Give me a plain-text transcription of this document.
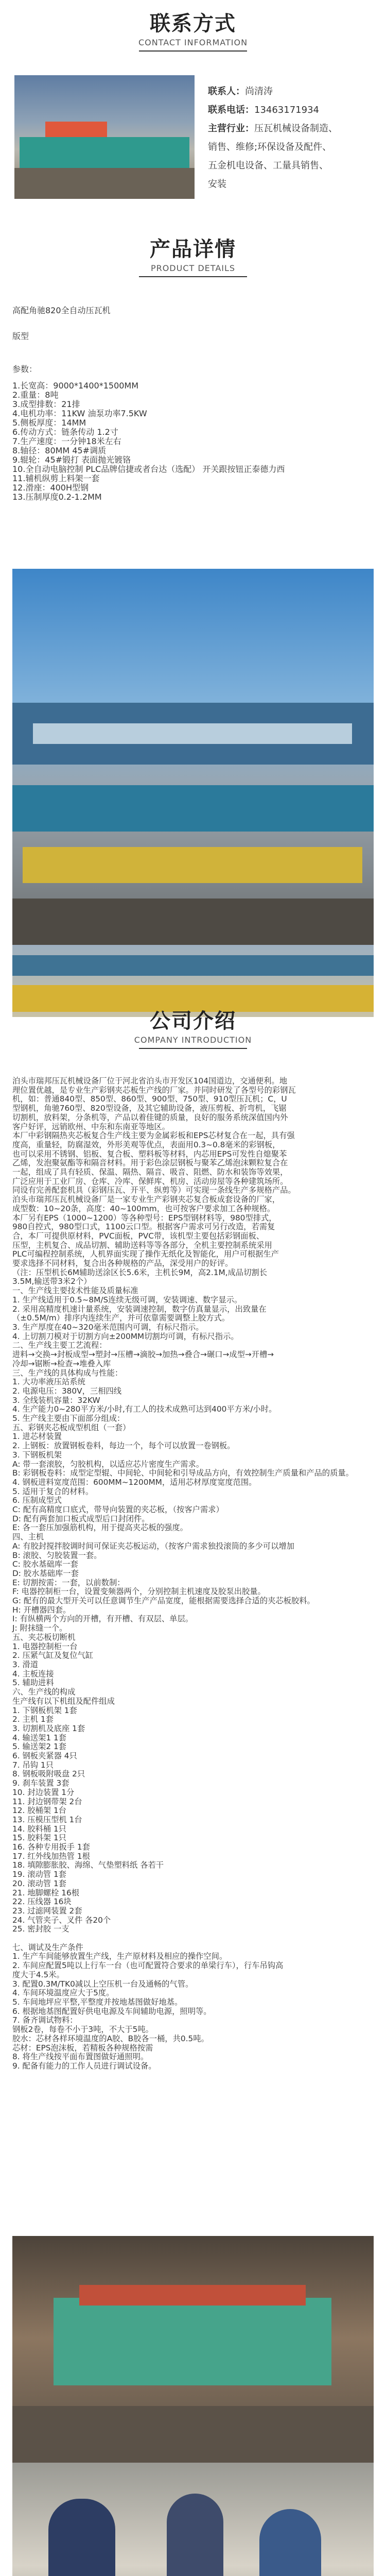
联系方式
CONTACT INFORMATION
联系人：尚清涛
联系电话：13463171934
主营行业：压瓦机械设备制造、
销售、维修;环保设备及配件、
五金机电设备、工量具销售、
安装
产品详情
PRODUCT DETAILS
高配角驰820全自动压瓦机
版型
参数：
1.长宽高：9000*1400*1500MM
2.重量：8吨
3.成型排数：21排
4.电机功率：11KW 油泵功率7.5KW
5.侧板厚度：14MM
6.传动方式：链条传动 1.2寸
7.生产速度：一分钟18米左右
8.轴径：80MM 45#调质
9.辊轮：45#锻打 表面抛光镀铬
10.全自动电脑控制 PLC品牌信捷或者台达（选配） 开关跟按钮正泰德力西
11.辅机纵剪上料架一套
12.滑座：400H型钢
13.压制厚度0.2-1.2MM
公司介绍
COMPANY INTRODUCTION
泊头市瑞邦压瓦机械设备厂位于河北省泊头市开发区104国道边，交通便利。地
理位置优越，是专业生产彩钢夹芯板生产线的厂家。并同时研发了各型号的彩钢瓦
机，如：普通840型、850型、860型、900型、750型、910型压瓦机；C，U
型钢机，角驰760型、820型设备，及其它辅助设备，液压剪板、折弯机，飞锯
切割机，放料架，分条机等，产品以着佳键的质量，良好的服务系统深值国内外
客户好评，远销欧州、中东和东南亚等地区。
本厂中彩钢隔热夹芯板复合生产线主要为金属彩板和EPS芯材复合在一起，具有强
度高，重量轻，防腐湿效，外形美观等优点，表面用0.3~0.8毫米的彩钢板，
也可以采用不锈钢、铝板、复合板、塑料板等材料，内芯用EPS可发性自熄聚苯
乙烯，发泡聚氨酯等和隔音材料。用于彩色涂层钢板与聚苯乙烯泡沫颗粒复合在
一起，组成了具有轻质、保温、隔热、隔音、吸音、阻燃、防水和装饰等效果，
广泛应用于工业厂房、仓库、冷库、保鲜库、机房、活动房屋等各种建筑场所。
同设有完善配套机具（彩钢压瓦、开平、纵剪等）可实现一条线生产多规格产品。
泊头市瑞邦压瓦机械设备厂是一家专业生产彩钢夹芯复合板成套设备的厂家，
成型数：10~20条，高度：40~100mm，也可按客户要求加工各种规格。
本厂另有EPS（1000~1200）等各种型号：EPS型钢材料等，980型排式，
980自控式，980型口式，1100云口型。根据客户需求可另行改造，若需复
合，本厂可提供原材料，PVC面板，PVC带，该机型主要包括彩钢面板、
压型，主机复合、成品切割、辅助送料等等各部分，全机主要控制系统采用
PLC可编程控制系统，人机界面实现了操作无纸化及智能化，用户可根据生产
要求选择不同材料，复合出各种规格的产品，深受用户的好评。
（注：压型机长6M辅助送涂区长5.6米，主机长9M，高2.1M,成品切割长
3.5M,输送带3米2个）
一、生产线主要技术性能及质量标准
1. 生产线适用于0.5~8M/S连续无级可调，安装调速、数字显示。
2. 采用高精度机速计量系统，安装调速控制，数字仿真量显示，出致量在
（±0.5M/m）排序内连续生产，并可依靠需要调整上胶方式。
3. 生产厚度在40~320毫米范围内可调，有标尺指示。
4. 上切割刀模对于切割方向±200MM切割均可调，有标尺指示。
二、生产线主要工艺流程：
进料→交换→封板成型→塑封→压槽→滴胶→加热→叠合→碾口→成型→开槽→
冷却→锯断→检查→堆叠入库
三、生产线的具体构成与性能：
1. 大功率液压站系统
2. 电源电压：380V，三相四线
3. 全线装机容量：32KW
4. 生产能力0~280平方米/小时,有工人的技术成熟可达到400平方米/小时。
5. 生产线主要由下面部分组成：
五、彩钢夹芯板成型机组（一套）
1. 进芯材装置
2. 上钢板：放置钢板卷料，每边一个，每个可以放置一卷钢板。
3. 下钢板机架
A: 带一套滚胶，匀胶机构，以适应芯片密度生产需求。
B: 彩钢板卷料：成型定型辊、中间轮、中间轮和引导成品方向，有效控制生产质量和产品的质量。
4. 钢板进料宽度范围：600MM~1200MM，适用芯材厚度宽度范围。
5. 适用于复合的材料。
6. 压制成型式
C: 配有高精度口底式，带导向装置的夹芯板，（按客户需求）
D: 配有两套加口板式成型后口封闭件。
E: 各一套压加强筋机构，用于提高夹芯板的强度。
四、主机
A: 有胶封搅拌胶调时间可保证夹芯板运动，（按客户需求独投滚筒的多少可以增加
B: 滚胶、匀胶装置一套。
C: 胶水基础库一套
D: 胶水基础库一套
E: 切割按需：一套，以前数制：
F: 电器控制柜一台，设置变频器两个，分别控制主机速度及胶泵出胶量。
G: 配有的最大型开关可以任意调节生产产品宽度，能根据需要选择合适的夹芯板胶料。
H: 开槽器四套。
I: 有纵横两个方向的开槽，有开槽、有双层、单层。
J: 附抹缝一个。
五、夹芯板切断机
1. 电器控制柜一台
2. 压紧气缸及复位气缸
3. 滑道
4. 主板连接
5. 辅助进料
六、生产线的构成
生产线有以下机组及配件组成
1. 下钢板机架 1套
2. 主机 1套
3. 切割机及底座 1套
4. 输送架1 1套
5. 输送架2 1套
6. 钢板夹紧器 4只
7. 吊钩 1只
8. 钢板吸附吸盘 2只
9. 刹车装置 3套
10. 封边装置 1分
11. 封边钢带架 2台
12. 胶桶架 1台
13. 压模压型机 1台
14. 胶料桶 1只
15. 胶料架 1只
16. 各种专用扳手 1套
17. 红外线加热管 1根
18. 填隙膨胀胶、海绵、气垫塑料纸 各若干
19. 滚动管 1套
20. 滚动管 1套
21. 地脚螺栓 16根
22. 压线器 16块
23. 过滤网装置 2套
24. 气管夹子、叉件 各20个
25. 密封胶 一支
七、调试及生产条件
1. 生产车间能够放置生产线，生产原材料及相应的操作空间。
2. 车间应配置5吨以上行车一台（也可配置符合要求的单梁行车），行车吊钩高
度大于4.5米。
3. 配置0.3M/TK0减以上空压机一台及通畅的气管。
4. 车间环境温度应大于5度。
5. 车间地坪应平整,平整度并按地基图做好地基。
6. 根据地基图配置好供电电源及车间辅助电源，照明等。
7. 备齐调试物料：
钢板2卷，每卷不小于3吨，不大于5吨。
胶水：芯材各样环境温度的A胶、B胶各一桶，共0.5吨。
芯材：EPS泡沫板，若精板各种规格按需
8. 将生产线按平面布置图做好通照明。
9. 配备有能力的工作人员进行调试设备。
